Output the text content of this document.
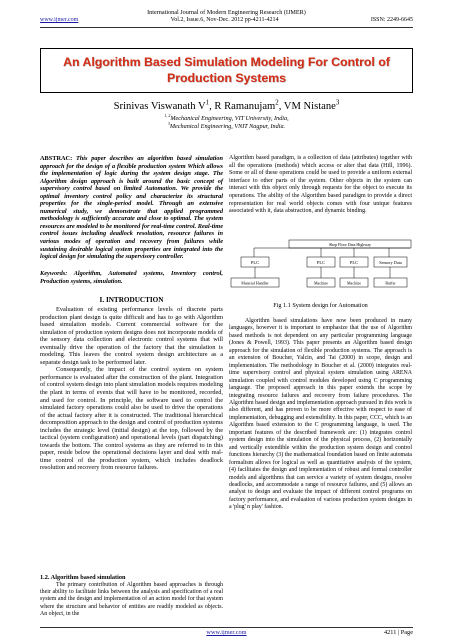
International Journal of Modern Engineering Research (IJMER)
www.ijmer.com	Vol.2, Issue.6, Nov-Dec. 2012 pp-4211-4214	ISSN: 2249-6645
An Algorithm Based Simulation Modeling For Control of
Production Systems
Srinivas Viswanath $V^1$, R Ramanujam$^2$, VM Nistane$^3$
$^{1, 2}$Mechanical Engineering, VIT University, India,
$^3$Mechanical Engineering, VNIT Nagpur, India.

ABSTRAC: This paper describes an algorithm based simulation approach for the design of a flexible production system Which allows the implementation of logic during the system design stage. The Algorithm design approach is built around the basic concept of supervisory control based on limited Automation. We provide the optimal inventory control policy and characterize its structural properties for the single-period model. Through an extensive numerical study, we demonstrate that applied programmed methodology is sufficiently accurate and close to optimal. The system resources are modeled to be monitored for real-time control. Real-time control issues including deadlock resolution, resource failures in various modes of operation and recovery from failures while sustaining desirable logical system properties are integrated into the logical design for simulating the supervisory controller.

Keywords: Algorithm, Automated systems, Inventory control, Production systems, simulation.

I. INTRODUCTION

Evaluation of existing performance levels of discrete parts production plant design is quite difficult and has to go with Algorithm based simulation models. Current commercial software for the simulation of production system designs does not incorporate models of the sensory data collection and electronic control systems that will eventually drive the operation of the factory that the simulation is modeling. This leaves the control system design architecture as a separate design task to be performed later.

Consequently, the impact of the control system on system performance is evaluated after the construction of the plant. Integration of control system design into plant simulation models requires modeling the plant in terms of events that will have to be monitored, recorded, and used for control. In principle, the software used to control the simulated factory operations could also be used to drive the operations of the actual factory after it is constructed. The traditional hierarchical decomposition approach to the design and control of production systems includes the strategic level (initial design) at the top, followed by the tactical (system configuration) and operational levels (part dispatching) towards the bottom. The control systems as they are referred to in this paper, reside below the operational decisions layer and deal with real-time control of the production system, which includes deadlock resolution and recovery from resource failures.

1.2. Algorithm based simulation

The primary contribution of Algorithm based approaches is through their ability to facilitate links between the analysis and specification of a real system and the design and implementation of an action model for that system where the structure and behavior of entities are readily modeled as objects. An object, in the

Algorithm based paradigm, is a collection of data (attributes) together with all the operations (methods) which access or alter that data (Hill, 1996). Some or all of these operations could be used to provide a uniform external interface to other parts of the system. Other objects in the system can interact with this object only through requests for the object to execute its operations. The ability of the Algorithm based paradigm to provide a direct representation for real world objects comes with four unique features associated with it, data abstraction, and dynamic binding.

Shop Floor Data Highway
PLC	PLC	PLC	Sensory Data
Material Handler	Machine	Machine	Buffer
Fig 1.1 System design for Automation

Algorithm based simulations have now been produced in many languages, however it is important to emphasize that the use of Algorithm based methods is not dependent on any particular programming language (Jones & Powell, 1993). This paper presents an Algorithm based design approach for the simulation of flexible production systems. The approach is an extension of Boucher, Yalcin, and Tai (2000) in scope, design and implementation. The methodology in Boucher et al. (2000) integrates real-time supervisory control and physical system simulation using ARENA simulation coupled with control modules developed using C programming language. The proposed approach in this paper extends the scope by integrating resource failures and recovery from failure procedures. The Algorithm based design and implementation approach pursued in this work is also different, and has proven to be more effective with respect to ease of implementation, debugging and extensibility. In this paper, CCC, which is an Algorithm based extension to the C programming language, is used. The important features of the described framework are: (1) integrates control system design into the simulation of the physical process, (2) horizontally and vertically extendible within the production system design and control functions hierarchy (3) the mathematical foundation based on finite automata formalism allows for logical as well as quantitative analysis of the system, (4) facilitates the design and implementation of robust and formal controller models and algorithms that can service a variety of system designs, resolve deadlocks, and accommodate a range of resource failures, and (5) allows an analyst to design and evaluate the impact of different control programs on factory performance, and evaluation of various production system designs in a 'plug' n play' fashion.

www.ijmer.com	4211 | Page
